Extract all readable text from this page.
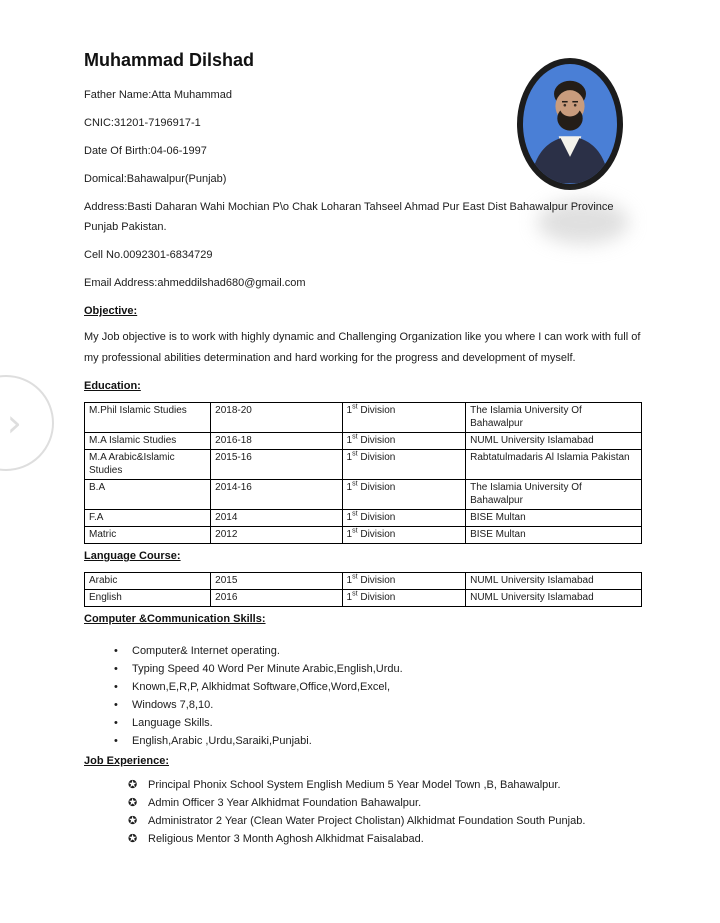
›
Muhammad Dilshad

Father Name:Atta Muhammad

CNIC:31201-7196917-1

Date Of Birth:04-06-1997

Domical:Bahawalpur(Punjab)

Address:Basti Daharan Wahi Mochian P\o Chak Loharan Tahseel Ahmad Pur East Dist Bahawalpur Province Punjab Pakistan.

Cell No.0092301-6834729

Email Address:ahmeddilshad680@gmail.com

Objective:

My Job objective is to work with highly dynamic and Challenging Organization like you where I can work with full of my professional abilities determination and hard working for the progress and development of myself.

Education:
M.Phil Islamic Studies	2018-20	1st Division	The Islamia University Of Bahawalpur
M.A Islamic Studies	2016-18	1st Division	NUML University Islamabad
M.A Arabic&Islamic Studies	2015-16	1st Division	Rabtatulmadaris Al Islamia Pakistan
B.A	2014-16	1st Division	The Islamia University Of Bahawalpur
F.A	2014	1st Division	BISE Multan
Matric	2012	1st Division	BISE Multan
Language Course:
Arabic	2015	1st Division	NUML University Islamabad
English	2016	1st Division	NUML University Islamabad
Computer &Communication Skills:
•	Computer& Internet operating.
•	Typing Speed 40 Word Per Minute Arabic,English,Urdu.
•	Known,E,R,P, Alkhidmat Software,Office,Word,Excel,
•	Windows 7,8,10.
•	Language Skills.
•	English,Arabic ,Urdu,Saraiki,Punjabi.
Job Experience:
✪ Principal Phonix School System English Medium 5 Year Model Town ,B, Bahawalpur.
✪ Admin Officer 3 Year Alkhidmat Foundation Bahawalpur.
✪ Administrator 2 Year (Clean Water Project Cholistan) Alkhidmat Foundation South Punjab.
✪ Religious Mentor 3 Month Aghosh Alkhidmat Faisalabad.
